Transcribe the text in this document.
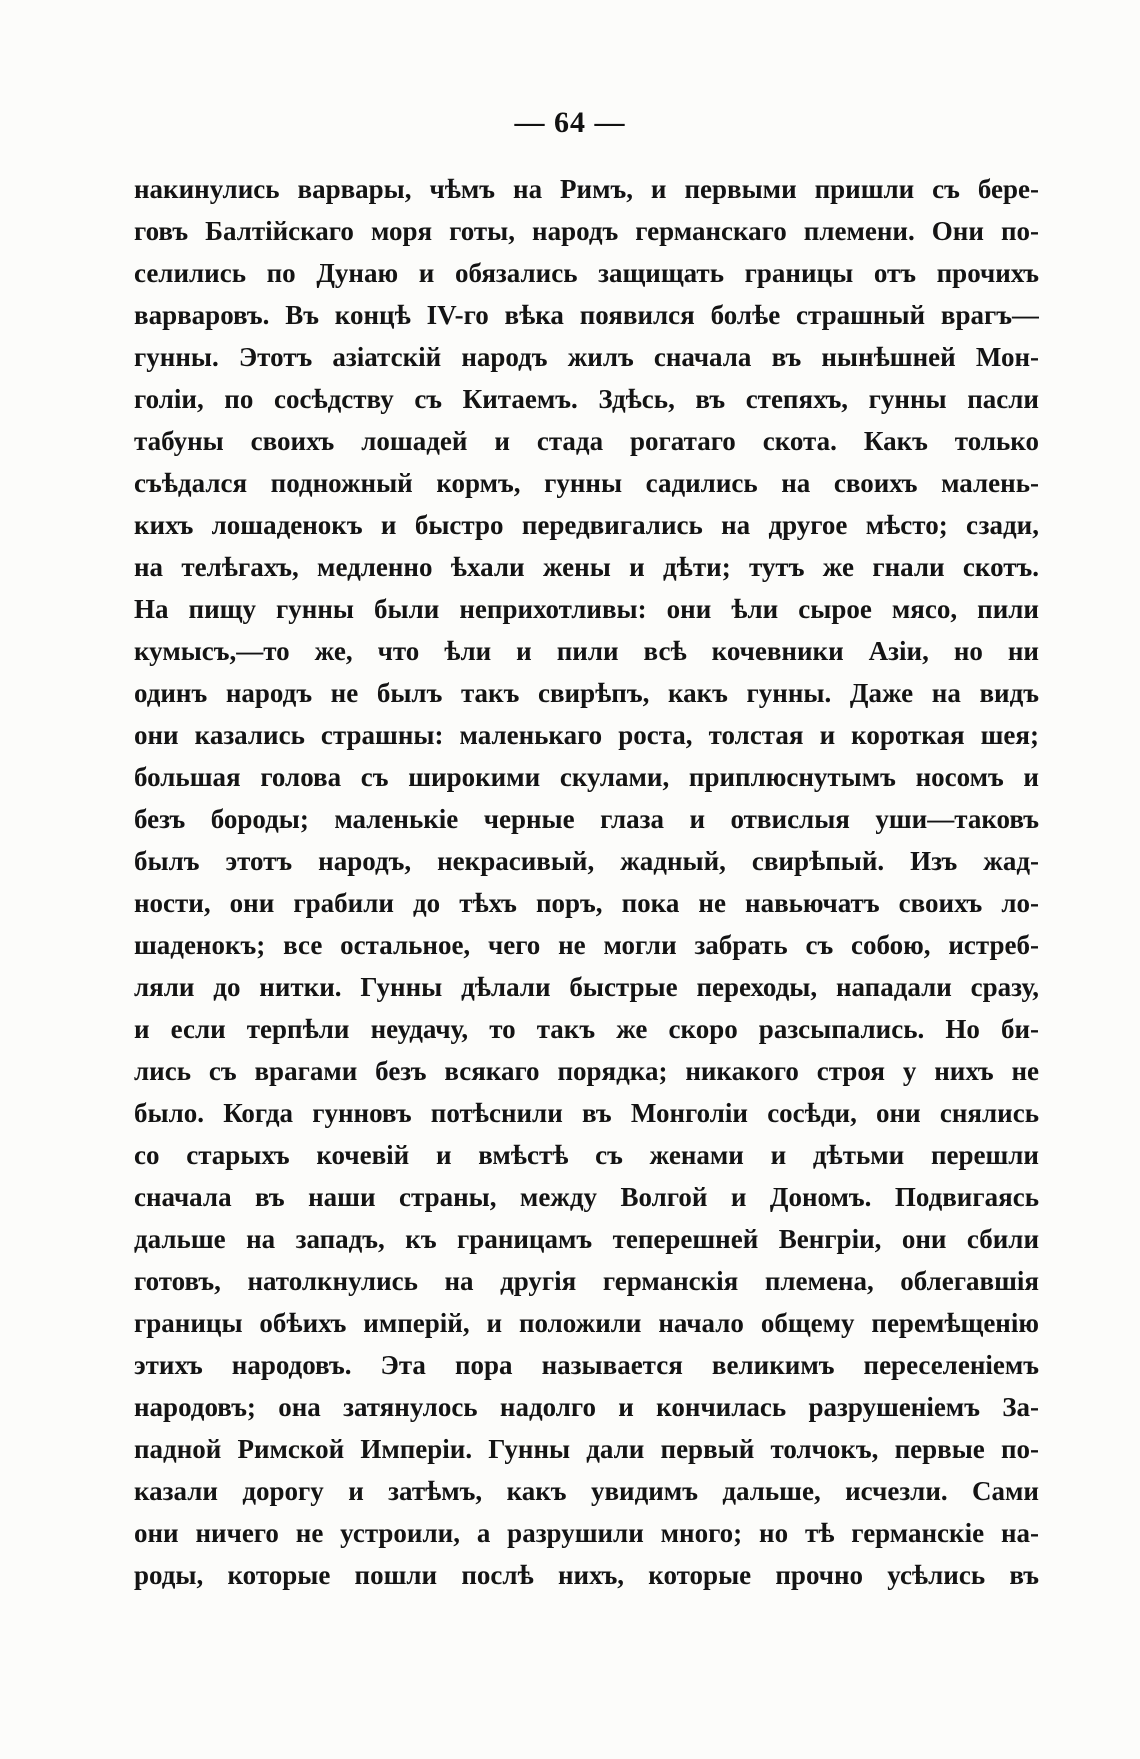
— 64 —
накинулись варвары, чѣмъ на Римъ, и первыми пришли съ бере-
говъ Балтійскаго моря готы, народъ германскаго племени. Они по-
селились по Дунаю и обязались защищать границы отъ прочихъ
варваровъ. Въ концѣ IV-го вѣка появился болѣе страшный врагъ—
гунны. Этотъ азіатскій народъ жилъ сначала въ нынѣшней Мон-
голіи, по сосѣдству съ Китаемъ. Здѣсь, въ степяхъ, гунны пасли
табуны своихъ лошадей и стада рогатаго скота. Какъ только
съѣдался подножный кормъ, гунны садились на своихъ малень-
кихъ лошаденокъ и быстро передвигались на другое мѣсто; сзади,
на телѣгахъ, медленно ѣхали жены и дѣти; тутъ же гнали скотъ.
На пищу гунны были неприхотливы: они ѣли сырое мясо, пили
кумысъ,—то же, что ѣли и пили всѣ кочевники Азіи, но ни
одинъ народъ не былъ такъ свирѣпъ, какъ гунны. Даже на видъ
они казались страшны: маленькаго роста, толстая и короткая шея;
большая голова съ широкими скулами, приплюснутымъ носомъ и
безъ бороды; маленькіе черные глаза и отвислыя уши—таковъ
былъ этотъ народъ, некрасивый, жадный, свирѣпый. Изъ жад-
ности, они грабили до тѣхъ поръ, пока не навьючатъ своихъ ло-
шаденокъ; все остальное, чего не могли забрать съ собою, истреб-
ляли до нитки. Гунны дѣлали быстрые переходы, нападали сразу,
и если терпѣли неудачу, то такъ же скоро разсыпались. Но би-
лись съ врагами безъ всякаго порядка; никакого строя у нихъ не
было. Когда гунновъ потѣснили въ Монголіи сосѣди, они снялись
со старыхъ кочевій и вмѣстѣ съ женами и дѣтьми перешли
сначала въ наши страны, между Волгой и Дономъ. Подвигаясь
дальше на западъ, къ границамъ теперешней Венгріи, они сбили
готовъ, натолкнулись на другія германскія племена, облегавшія
границы обѣихъ имперій, и положили начало общему перемѣщенію
этихъ народовъ. Эта пора называется великимъ переселеніемъ
народовъ; она затянулось надолго и кончилась разрушеніемъ За-
падной Римской Имперіи. Гунны дали первый толчокъ, первые по-
казали дорогу и затѣмъ, какъ увидимъ дальше, исчезли. Сами
они ничего не устроили, а разрушили много; но тѣ германскіе на-
роды, которые пошли послѣ нихъ, которые прочно усѣлись въ
